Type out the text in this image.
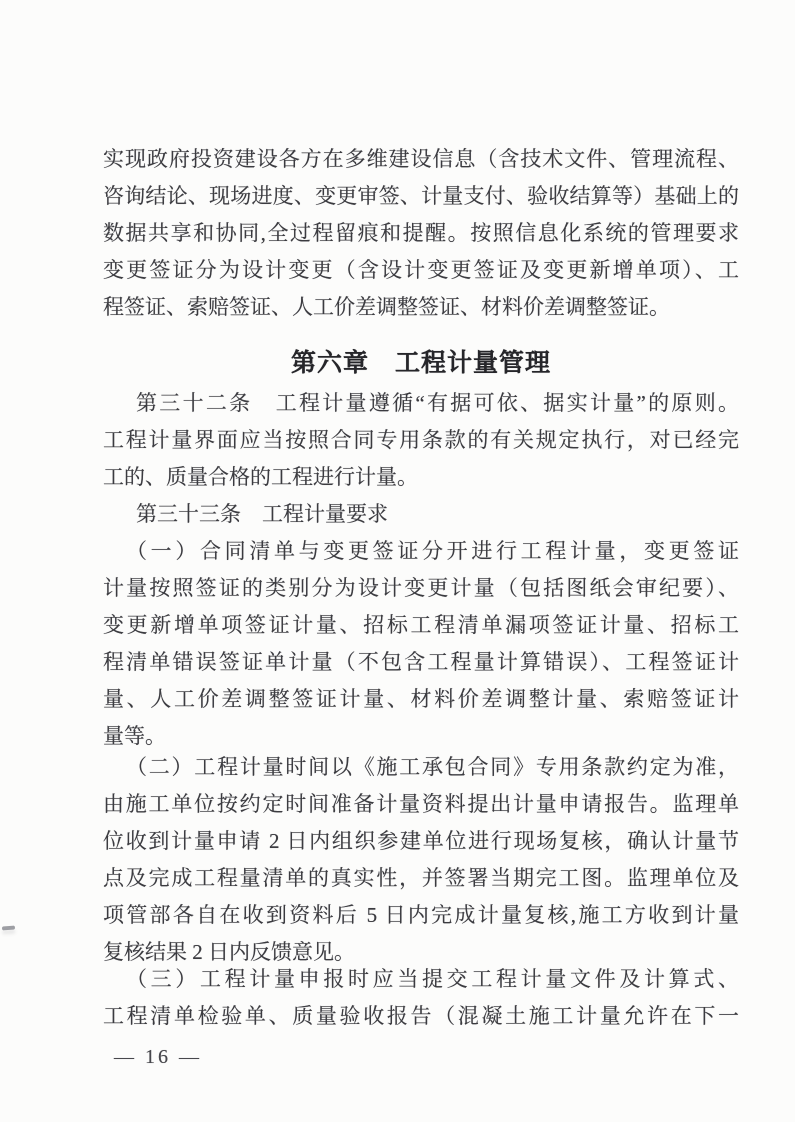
实现政府投资建设各方在多维建设信息（含技术文件、管理流程、
咨询结论、现场进度、变更审签、计量支付、验收结算等）基础上的
数据共享和协同,全过程留痕和提醒。按照信息化系统的管理要求
变更签证分为设计变更（含设计变更签证及变更新增单项）、工
程签证、索赔签证、人工价差调整签证、材料价差调整签证。

第六章　工程计量管理

第三十二条　工程计量遵循“有据可依、据实计量”的原则。
工程计量界面应当按照合同专用条款的有关规定执行，对已经完
工的、质量合格的工程进行计量。

第三十三条　工程计量要求

（一）合同清单与变更签证分开进行工程计量，变更签证
计量按照签证的类别分为设计变更计量（包括图纸会审纪要）、
变更新增单项签证计量、招标工程清单漏项签证计量、招标工
程清单错误签证单计量（不包含工程量计算错误）、工程签证计
量、人工价差调整签证计量、材料价差调整计量、索赔签证计
量等。

（二）工程计量时间以《施工承包合同》专用条款约定为准，
由施工单位按约定时间准备计量资料提出计量申请报告。监理单
位收到计量申请 2 日内组织参建单位进行现场复核，确认计量节
点及完成工程量清单的真实性，并签署当期完工图。监理单位及
项管部各自在收到资料后 5 日内完成计量复核,施工方收到计量
复核结果 2 日内反馈意见。

（三）工程计量申报时应当提交工程计量文件及计算式、
工程清单检验单、质量验收报告（混凝土施工计量允许在下一

— 16 —
